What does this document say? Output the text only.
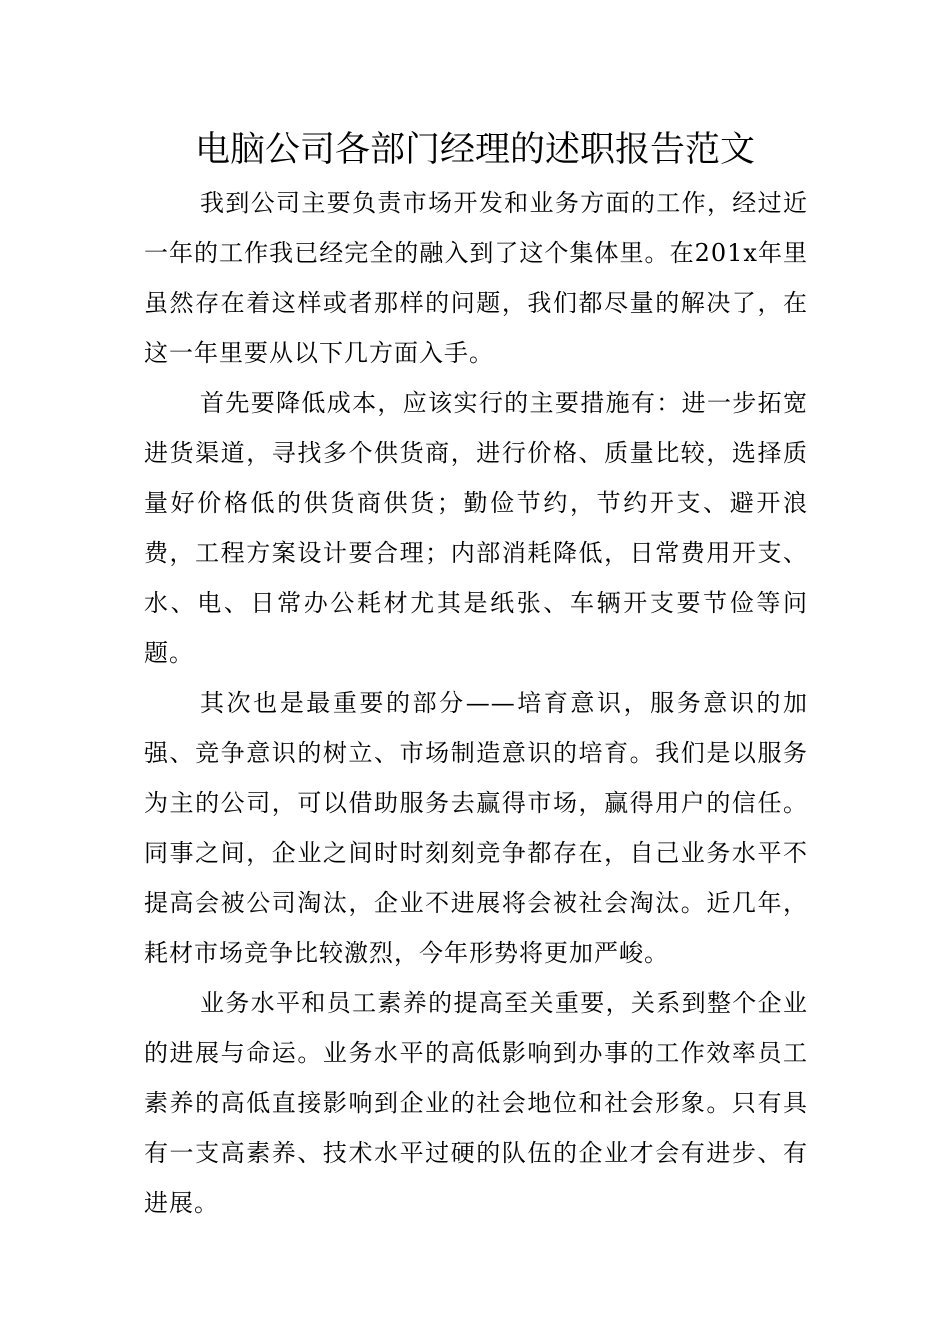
电脑公司各部门经理的述职报告范文

我到公司主要负责市场开发和业务方面的工作，经过近一年的工作我已经完全的融入到了这个集体里。在201x年里虽然存在着这样或者那样的问题，我们都尽量的解决了，在这一年里要从以下几方面入手。

首先要降低成本，应该实行的主要措施有：进一步拓宽进货渠道，寻找多个供货商，进行价格、质量比较，选择质量好价格低的供货商供货；勤俭节约，节约开支、避开浪费，工程方案设计要合理；内部消耗降低，日常费用开支、水、电、日常办公耗材尤其是纸张、车辆开支要节俭等问题。

其次也是最重要的部分——培育意识，服务意识的加强、竞争意识的树立、市场制造意识的培育。我们是以服务为主的公司，可以借助服务去赢得市场，赢得用户的信任。同事之间，企业之间时时刻刻竞争都存在，自己业务水平不提高会被公司淘汰，企业不进展将会被社会淘汰。近几年，耗材市场竞争比较激烈，今年形势将更加严峻。

业务水平和员工素养的提高至关重要，关系到整个企业的进展与命运。业务水平的高低影响到办事的工作效率员工素养的高低直接影响到企业的社会地位和社会形象。只有具有一支高素养、技术水平过硬的队伍的企业才会有进步、有进展。
